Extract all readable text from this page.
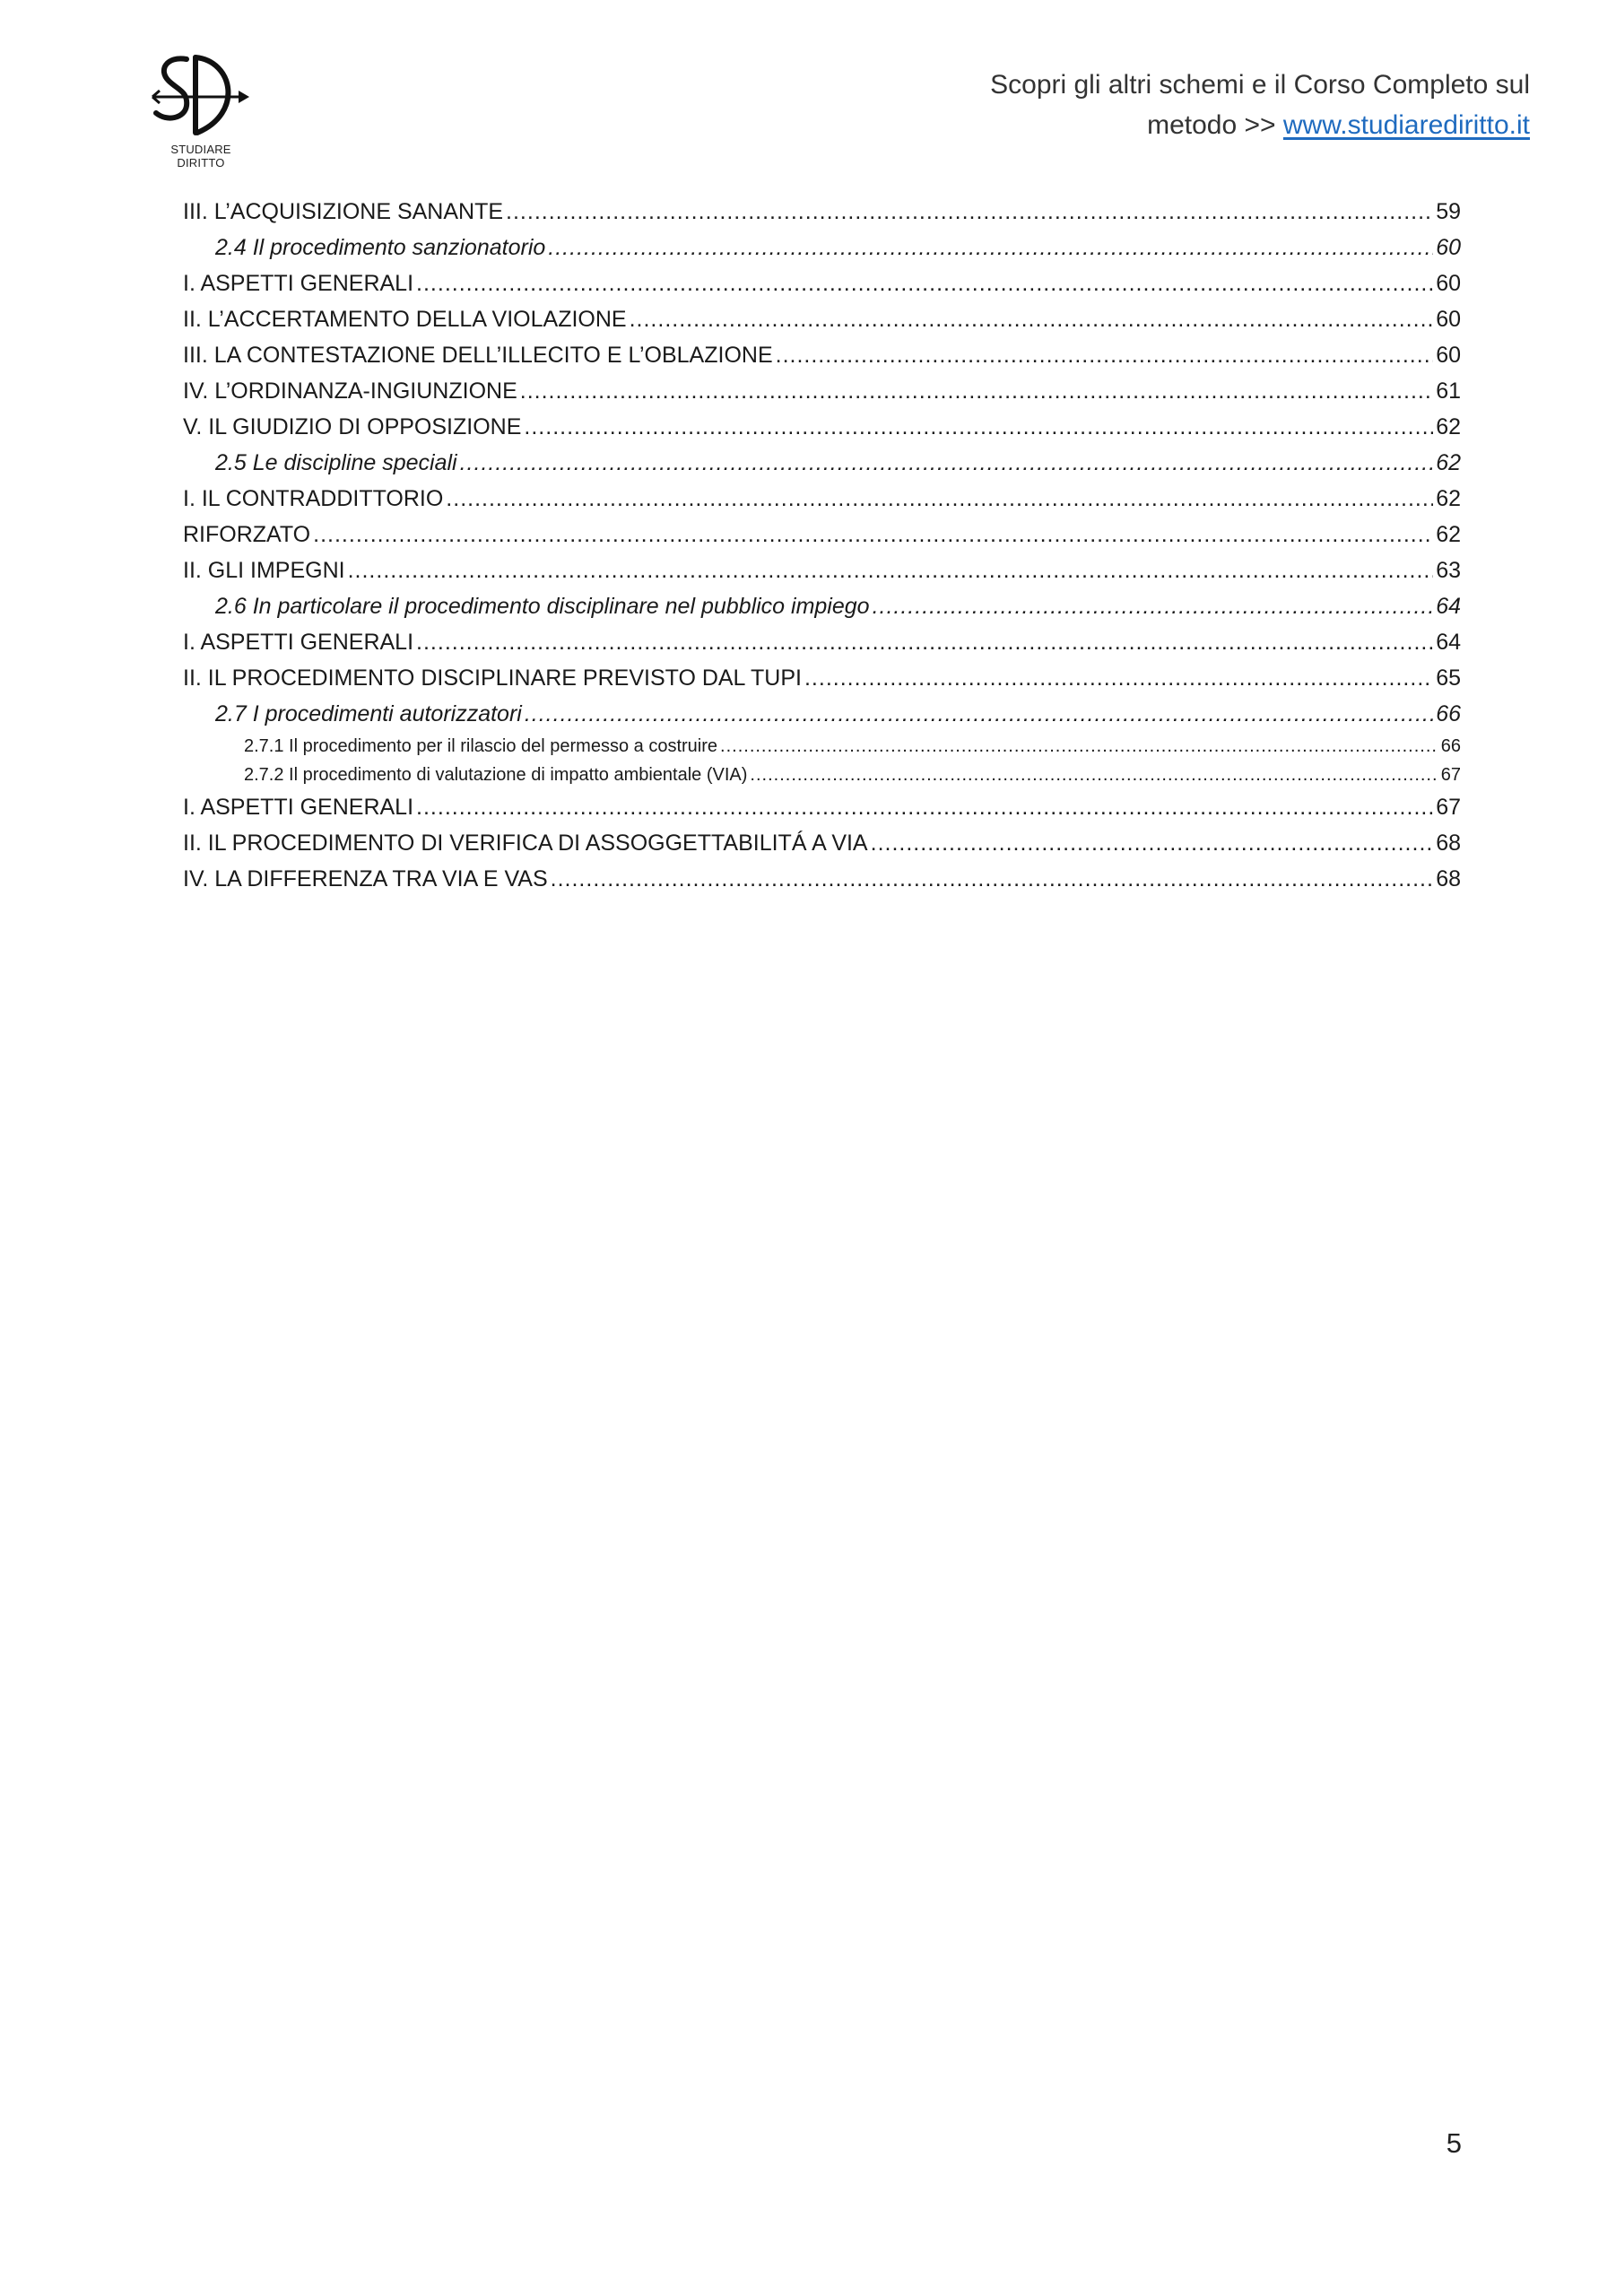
STUDIARE DIRITTO
Scopri gli altri schemi e il Corso Completo sul
metodo >> www.studiarediritto.it
III. L’ACQUISIZIONE SANANTE .....	59
2.4 Il procedimento sanzionatorio .....	60
I. ASPETTI GENERALI .....	60
II. L’ACCERTAMENTO DELLA VIOLAZIONE .....	60
III. LA CONTESTAZIONE DELL’ILLECITO E L’OBLAZIONE .....	60
IV. L’ORDINANZA-INGIUNZIONE .....	61
V. IL GIUDIZIO DI OPPOSIZIONE .....	62
2.5 Le discipline speciali .....	62
I. IL CONTRADDITTORIO .....	62
RIFORZATO .....	62
II. GLI IMPEGNI .....	63
2.6 In particolare il procedimento disciplinare nel pubblico impiego .....	64
I. ASPETTI GENERALI .....	64
II. IL PROCEDIMENTO DISCIPLINARE PREVISTO DAL TUPI .....	65
2.7 I procedimenti autorizzatori .....	66
2.7.1 Il procedimento per il rilascio del permesso a costruire .....	66
2.7.2 Il procedimento di valutazione di impatto ambientale (VIA) .....	67
I. ASPETTI GENERALI .....	67
II. IL PROCEDIMENTO DI VERIFICA DI ASSOGGETTABILITÁ A VIA .....	68
IV. LA DIFFERENZA TRA VIA E VAS .....	68
5
